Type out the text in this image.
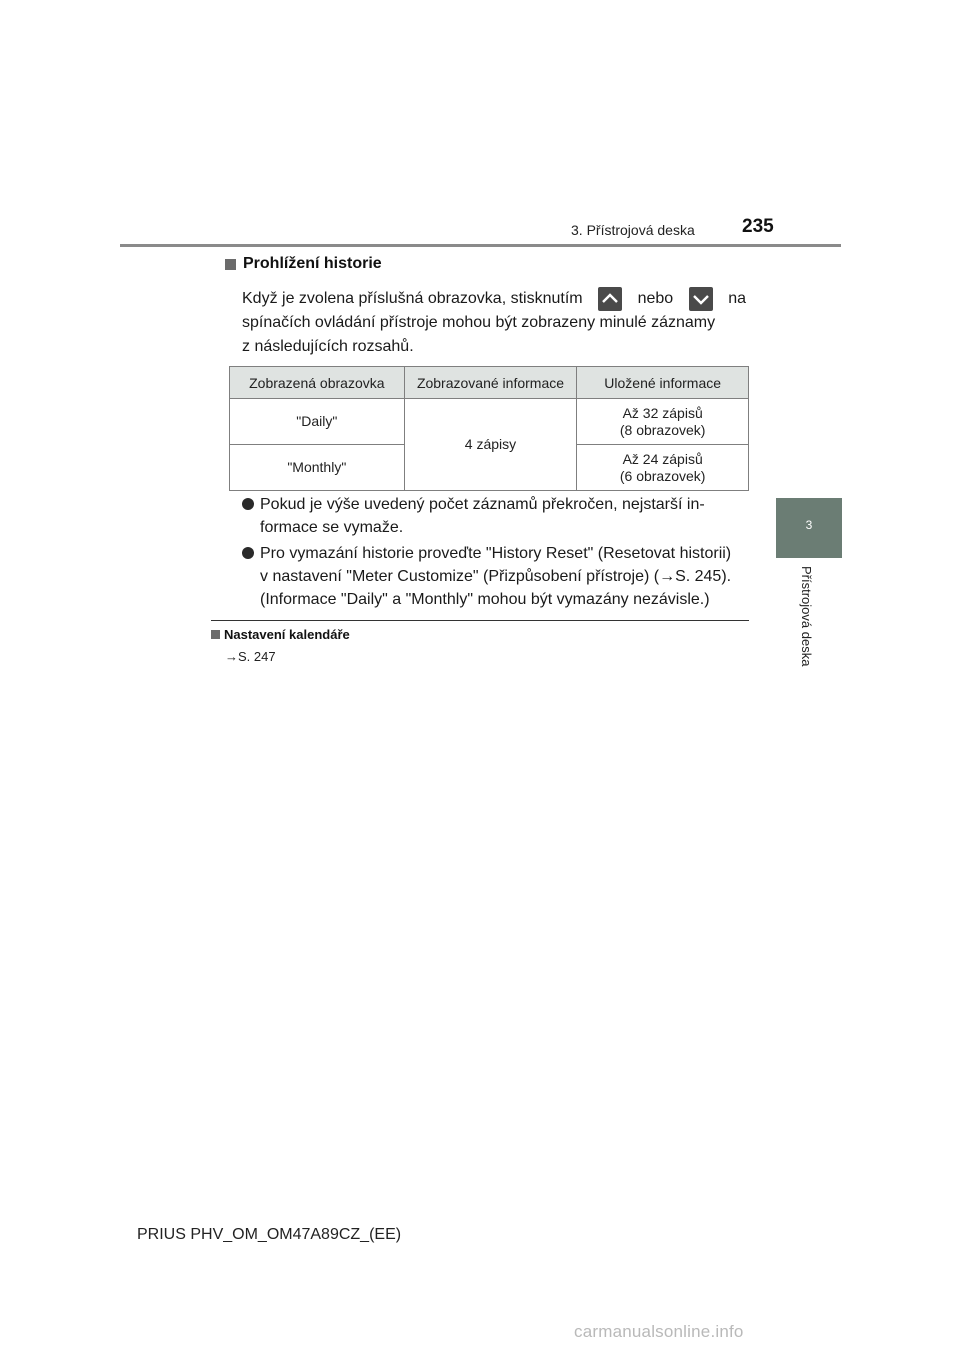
3. Přístrojová deska 235
3
Přístrojová deska
Prohlížení historie
Když je zvolena příslušná obrazovka, stisknutím	nebo	na
spínačích ovládání přístroje mohou být zobrazeny minulé záznamy
z následujících rozsahů.
Zobrazená obrazovka	Zobrazované informace	Uložené informace
"Daily"	4 zápisy	Až 32 zápisů
(8 obrazovek)

"Monthly"		Až 24 zápisů
(6 obrazovek)
Pokud je výše uvedený počet záznamů překročen, nejstarší in-
formace se vymaže.
Pro vymazání historie proveďte "History Reset" (Resetovat historii)
v nastavení "Meter Customize" (Přizpůsobení přístroje) (→S. 245).
(Informace "Daily" a "Monthly" mohou být vymazány nezávisle.)
Nastavení kalendáře
→S. 247
PRIUS PHV_OM_OM47A89CZ_(EE)
carmanualsonline.info
